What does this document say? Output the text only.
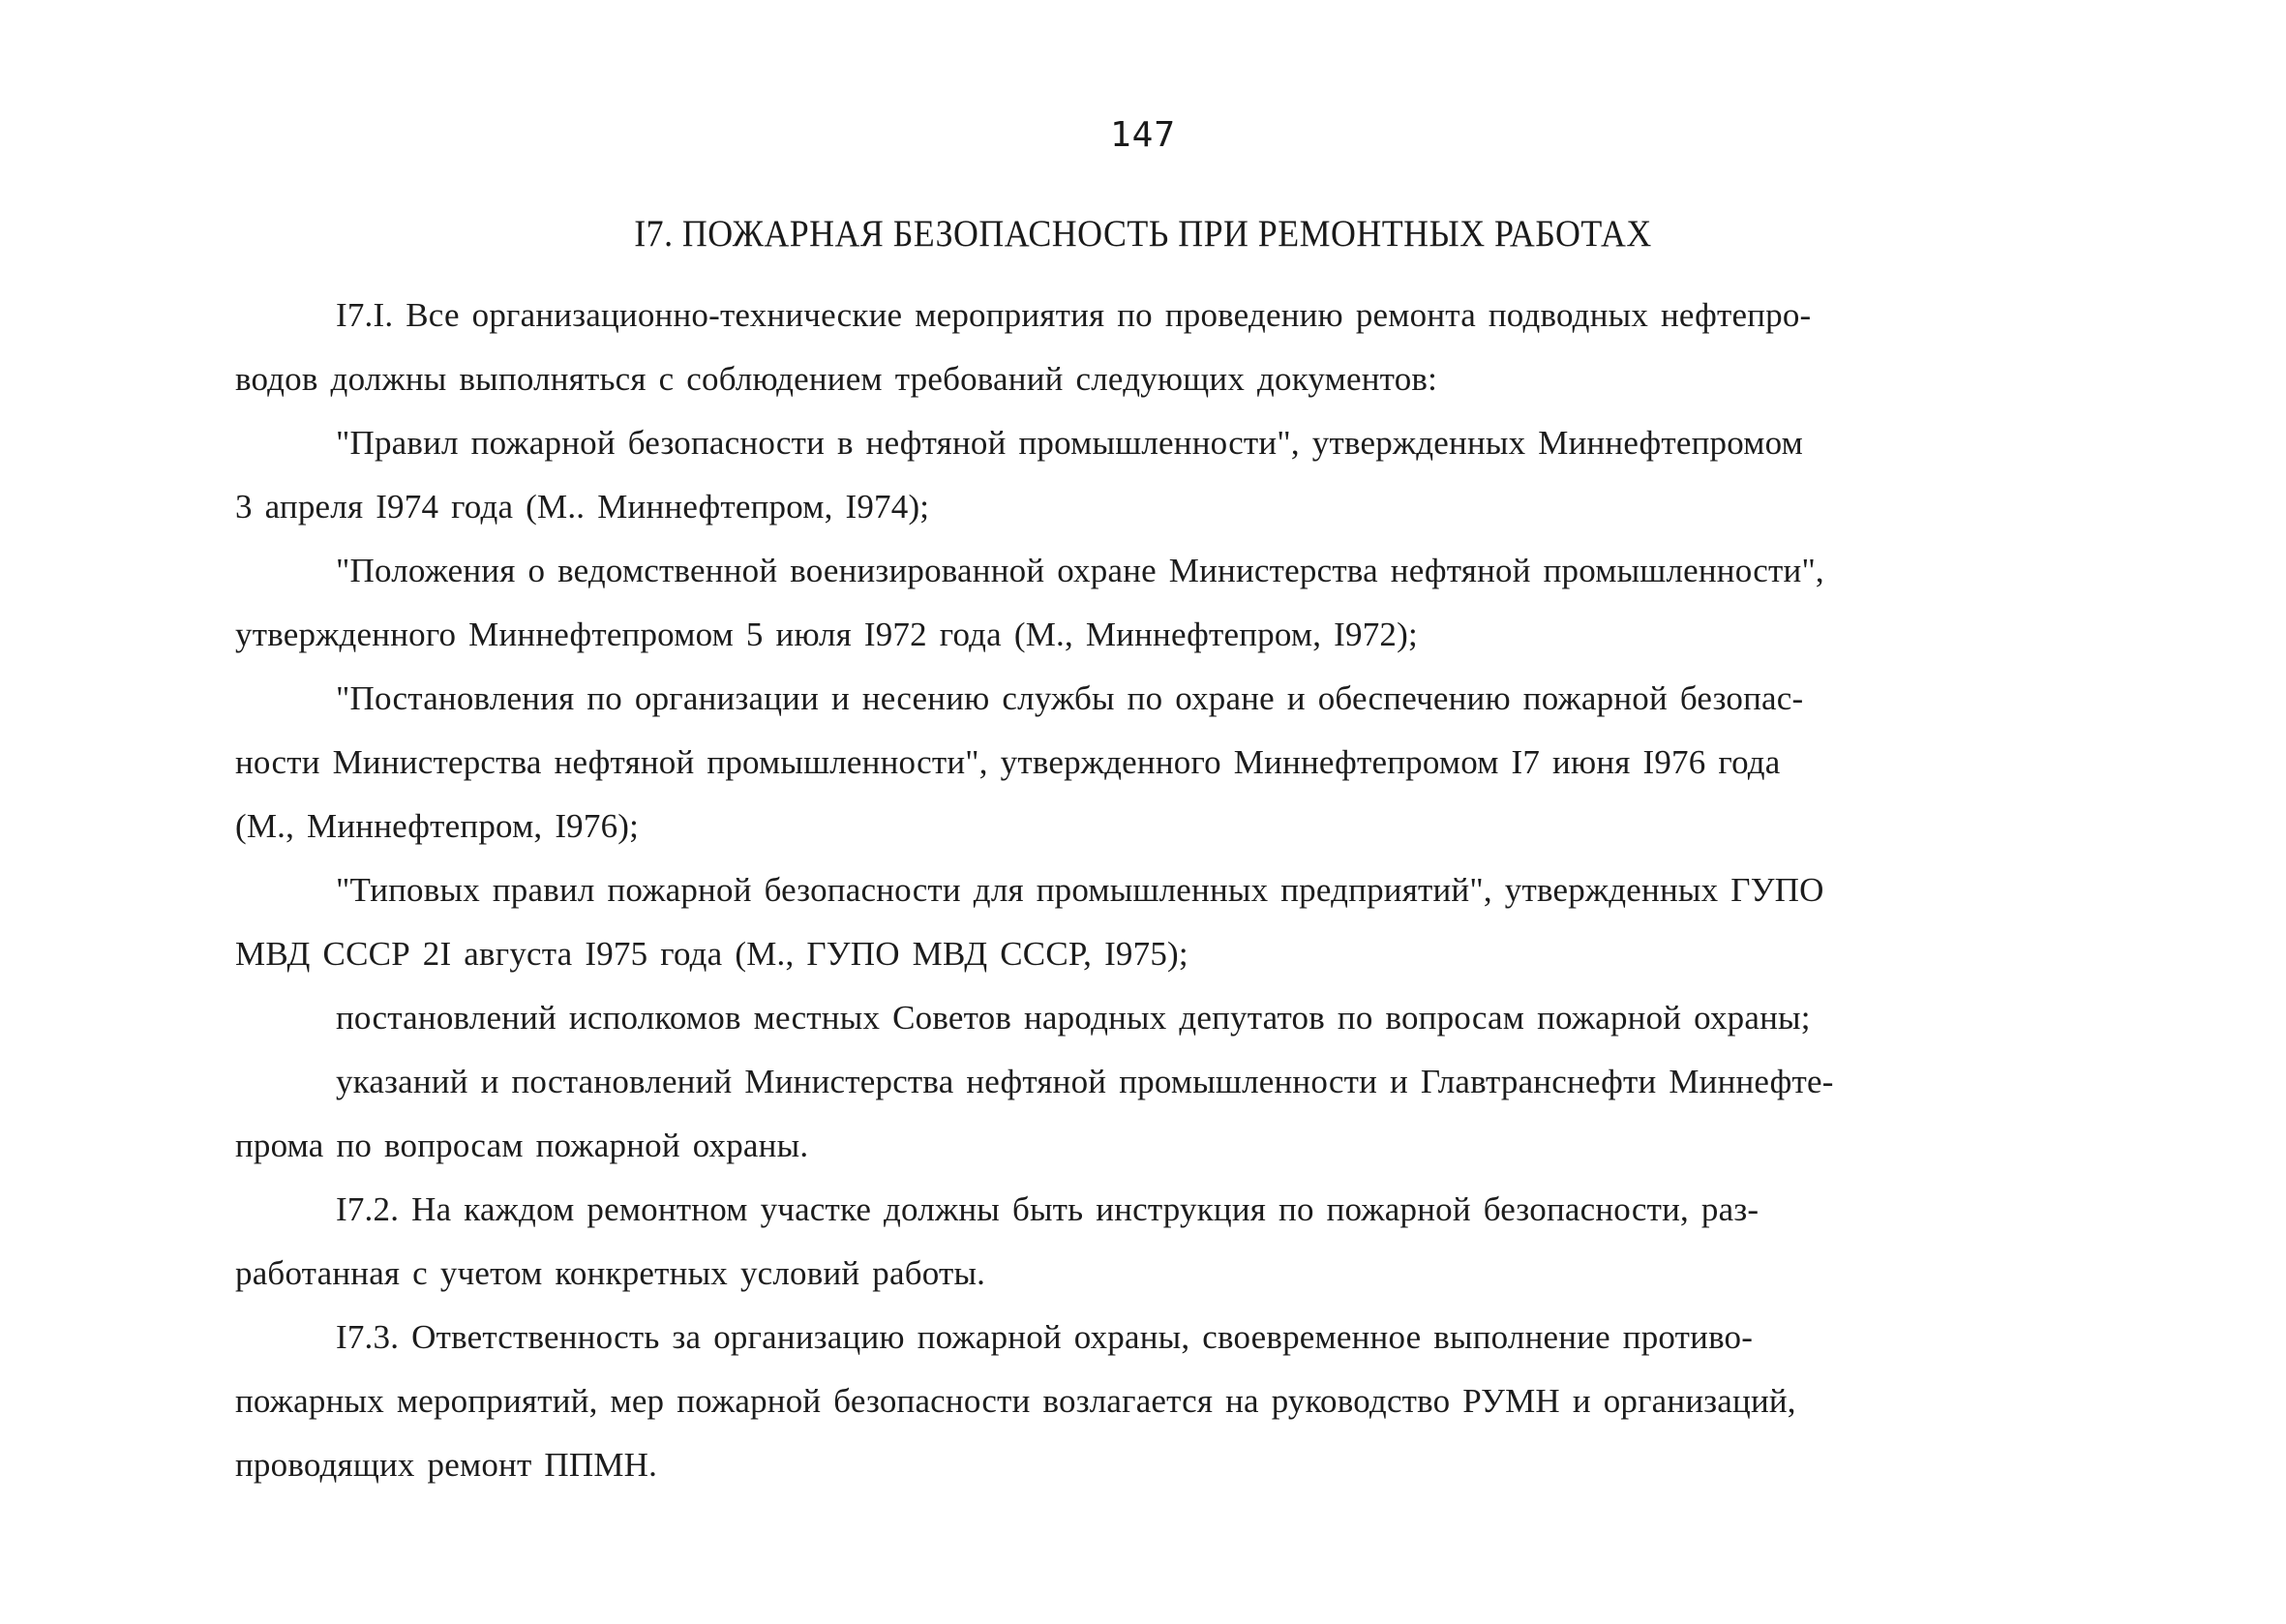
147
I7. ПОЖАРНАЯ БЕЗОПАСНОСТЬ ПРИ РЕМОНТНЫХ РАБОТАХ
I7.I. Все организационно-технические мероприятия по проведению ремонта подводных нефтепро-
водов должны выполняться с соблюдением требований следующих документов:
"Правил пожарной безопасности в нефтяной промышленности", утвержденных Миннефтепромом
3 апреля I974 года (М.. Миннефтепром, I974);
"Положения о ведомственной военизированной охране Министерства нефтяной промышленности",
утвержденного Миннефтепромом 5 июля I972 года (М., Миннефтепром, I972);
"Постановления по организации и несению службы по охране и обеспечению пожарной безопас-
ности Министерства нефтяной промышленности", утвержденного Миннефтепромом I7 июня I976 года
(М., Миннефтепром, I976);
"Типовых правил пожарной безопасности для промышленных предприятий", утвержденных ГУПО
МВД СССР 2I августа I975 года (М., ГУПО МВД СССР, I975);
постановлений исполкомов местных Советов народных депутатов по вопросам пожарной охраны;
указаний и постановлений Министерства нефтяной промышленности и Главтранснефти Миннефте-
прома по вопросам пожарной охраны.
I7.2. На каждом ремонтном участке должны быть инструкция по пожарной безопасности, раз-
работанная с учетом конкретных условий работы.
I7.3. Ответственность за организацию пожарной охраны, своевременное выполнение противо-
пожарных мероприятий, мер пожарной безопасности возлагается на руководство РУМН и организаций,
проводящих ремонт ППМН.
